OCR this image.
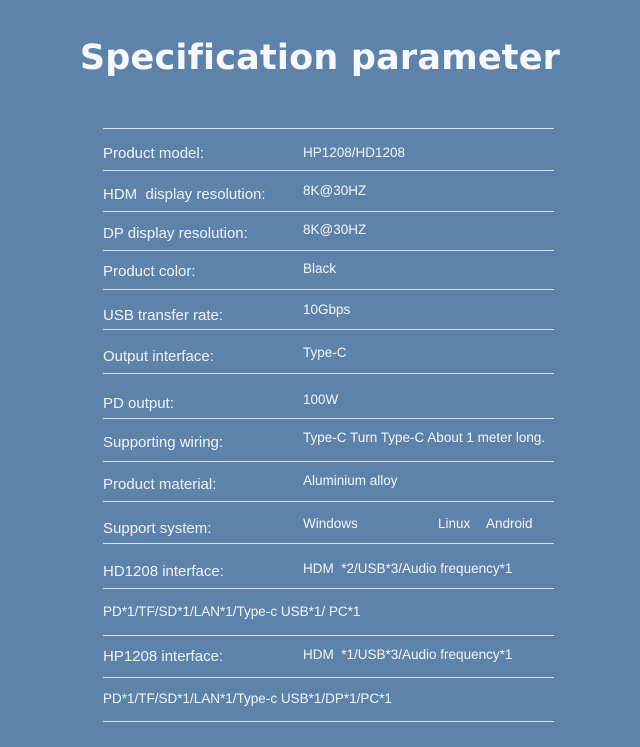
Specification parameter
Product model:	HP1208/HD1208
HDM  display resolution:	8K@30HZ
DP display resolution:	8K@30HZ
Product color:	Black
USB transfer rate:	10Gbps
Output interface:	Type-C
PD output:	100W
Supporting wiring:	Type-C Turn Type-C About 1 meter long.
Product material:	Aluminium alloy
Support system:	Windows	Linux Android
HD1208 interface:	HDM  *2/USB*3/Audio frequency*1
PD*1/TF/SD*1/LAN*1/Type-c USB*1/ PC*1
HP1208 interface:	HDM  *1/USB*3/Audio frequency*1
PD*1/TF/SD*1/LAN*1/Type-c USB*1/DP*1/PC*1
